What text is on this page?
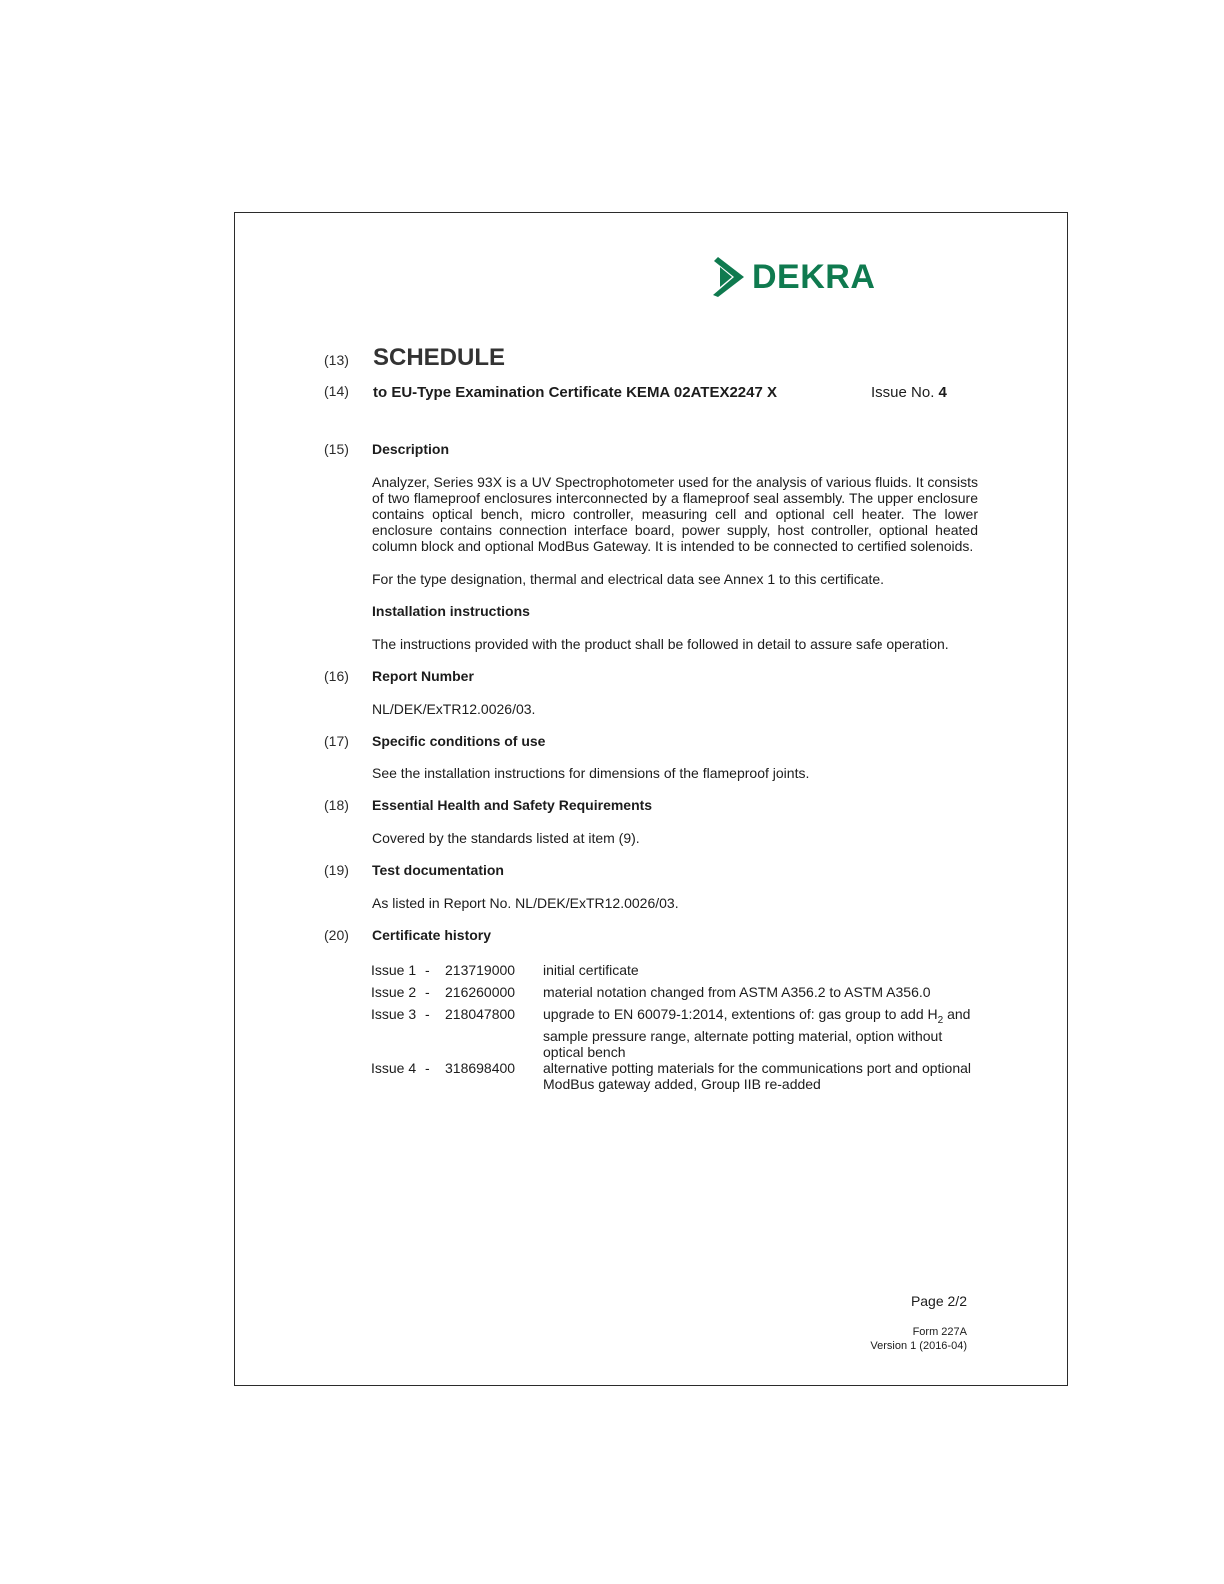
DEKRA
(13) SCHEDULE
(14) to EU-Type Examination Certificate KEMA 02ATEX2247 X	Issue No. 4
(15) Description
Analyzer, Series 93X is a UV Spectrophotometer used for the analysis of various fluids. It consists of two flameproof enclosures interconnected by a flameproof seal assembly. The upper enclosure contains optical bench, micro controller, measuring cell and optional cell heater. The lower enclosure contains connection interface board, power supply, host controller, optional heated column block and optional ModBus Gateway. It is intended to be connected to certified solenoids.
For the type designation, thermal and electrical data see Annex 1 to this certificate.
Installation instructions
The instructions provided with the product shall be followed in detail to assure safe operation.
(16) Report Number
NL/DEK/ExTR12.0026/03.
(17) Specific conditions of use
See the installation instructions for dimensions of the flameproof joints.
(18) Essential Health and Safety Requirements
Covered by the standards listed at item (9).
(19) Test documentation
As listed in Report No. NL/DEK/ExTR12.0026/03.
(20) Certificate history
Issue 1 -	213719000	initial certificate
Issue 2 -	216260000	material notation changed from ASTM A356.2 to ASTM A356.0
Issue 3 -	218047800	upgrade to EN 60079-1:2014, extentions of: gas group to add $H_2$ and sample pressure range, alternate potting material, option without optical bench
Issue 4 -	318698400	alternative potting materials for the communications port and optional ModBus gateway added, Group IIB re-added
Page 2/2
Form 227A
Version 1 (2016-04)
